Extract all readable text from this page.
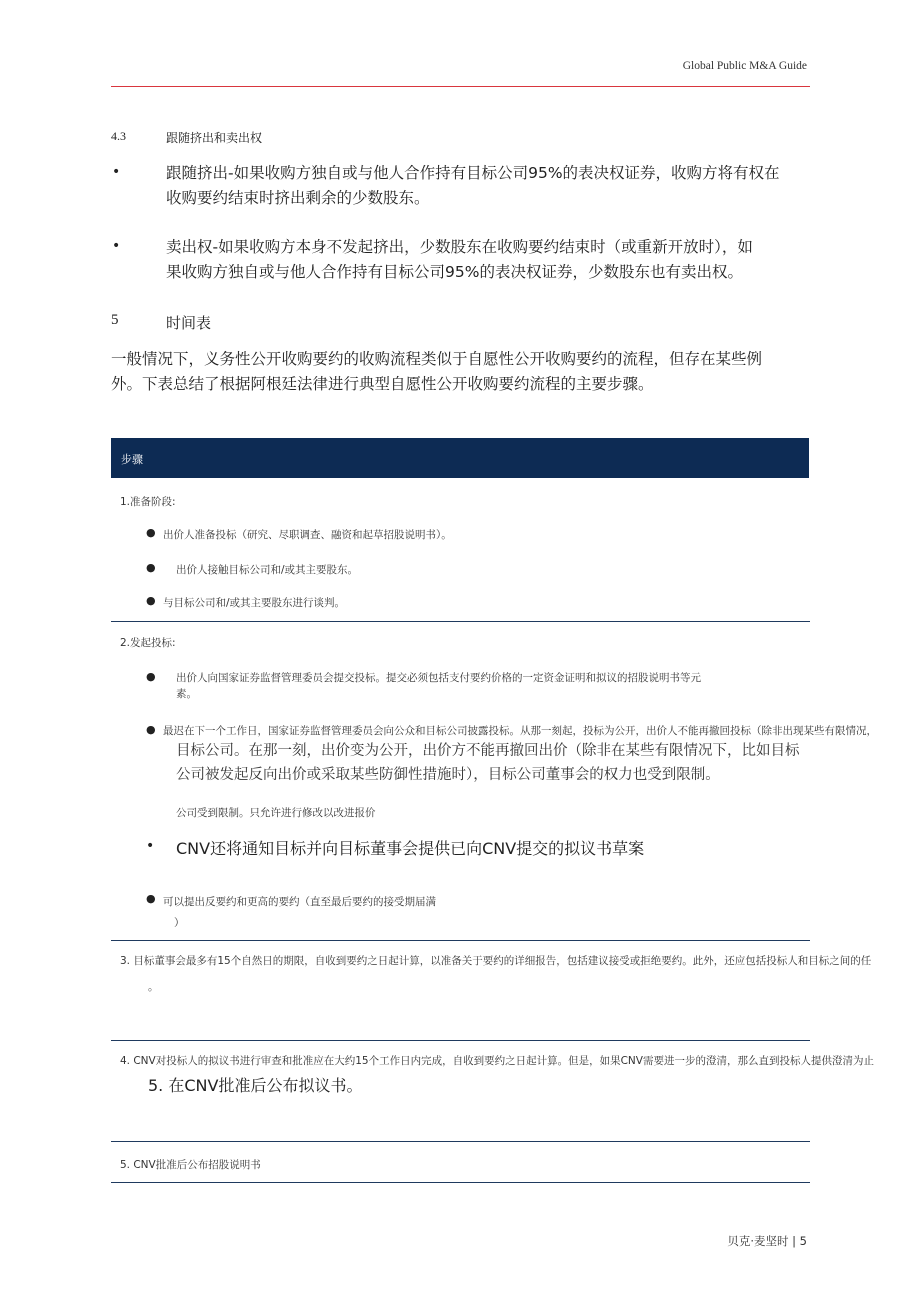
Global Public M&A Guide
4.3	跟随挤出和卖出权
•	跟随挤出-如果收购方独自或与他人合作持有目标公司95%的表决权证券，收购方将有权在
收购要约结束时挤出剩余的少数股东。
•	卖出权-如果收购方本身不发起挤出，少数股东在收购要约结束时（或重新开放时），如
果收购方独自或与他人合作持有目标公司95%的表决权证券，少数股东也有卖出权。
5	时间表
一般情况下，义务性公开收购要约的收购流程类似于自愿性公开收购要约的流程，但存在某些例
外。下表总结了根据阿根廷法律进行典型自愿性公开收购要约流程的主要步骤。
步骤
1.准备阶段:
● 出价人准备投标（研究、尽职调查、融资和起草招股说明书）。
● 出价人接触目标公司和/或其主要股东。
● 与目标公司和/或其主要股东进行谈判。
2.发起投标:
● 出价人向国家证券监督管理委员会提交投标。提交必须包括支付要约价格的一定资金证明和拟议的招股说明书等元
素。
● 最迟在下一个工作日，国家证券监督管理委员会向公众和目标公司披露投标。从那一刻起，投标为公开，出价人不能再撤回投标（除非出现某些有限情况，
目标公司。在那一刻，出价变为公开，出价方不能再撤回出价（除非在某些有限情况下，比如目标
公司被发起反向出价或采取某些防御性措施时），目标公司董事会的权力也受到限制。
公司受到限制。只允许进行修改以改进报价
• CNV还将通知目标并向目标董事会提供已向CNV提交的拟议书草案
● 可以提出反要约和更高的要约（直至最后要约的接受期届满
）
3. 目标董事会最多有15个自然日的期限，自收到要约之日起计算，以准备关于要约的详细报告，包括建议接受或拒绝要约。此外，还应包括投标人和目标之间的任
。
4. CNV对投标人的拟议书进行审查和批准应在大约15个工作日内完成，自收到要约之日起计算。但是，如果CNV需要进一步的澄清，那么直到投标人提供澄清为止
5. 在CNV批准后公布拟议书。
5. CNV批准后公布招股说明书
贝克·麦坚时 | 5
